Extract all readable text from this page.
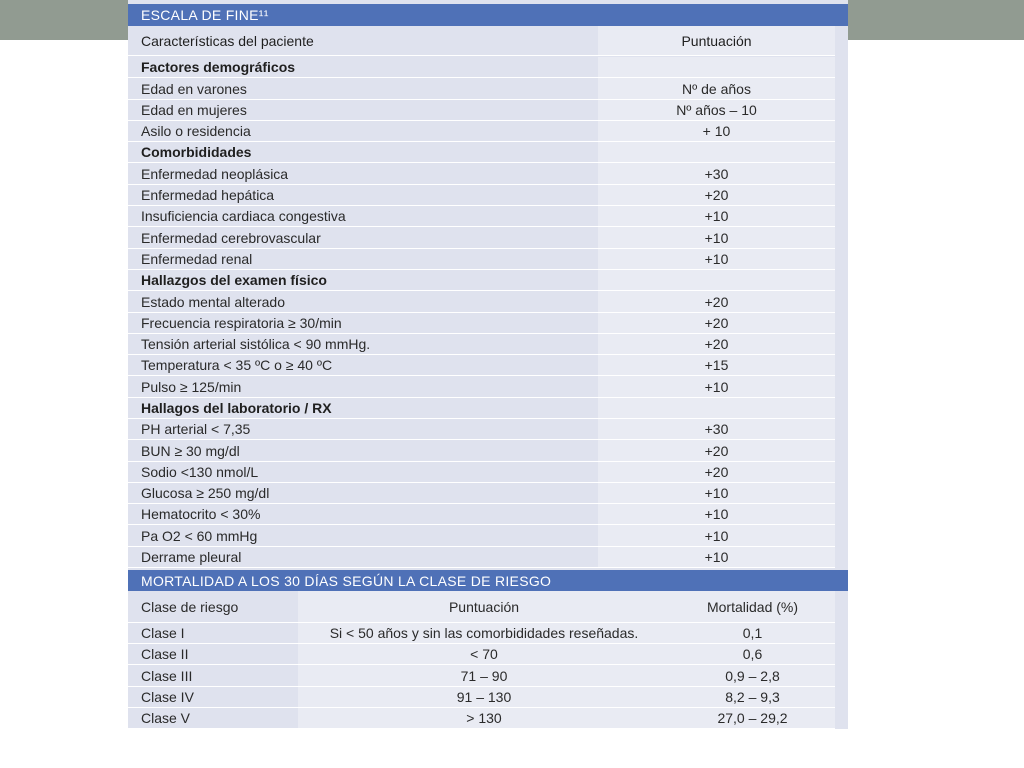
ESCALA DE FINE¹¹
Características del paciente	Puntuación
Factores demográficos
Edad en varones	Nº de años
Edad en mujeres	Nº años – 10
Asilo o residencia	+ 10
Comorbididades
Enfermedad neoplásica	+30
Enfermedad hepática	+20
Insuficiencia cardiaca congestiva	+10
Enfermedad cerebrovascular	+10
Enfermedad renal	+10
Hallazgos del examen físico
Estado mental alterado	+20
Frecuencia respiratoria ≥ 30/min	+20
Tensión arterial sistólica < 90 mmHg.	+20
Temperatura < 35 ºC o ≥ 40 ºC	+15
Pulso ≥ 125/min	+10
Hallagos del laboratorio / RX
PH arterial < 7,35	+30
BUN ≥ 30 mg/dl	+20
Sodio <130 nmol/L	+20
Glucosa ≥ 250 mg/dl	+10
Hematocrito < 30%	+10
Pa O2 < 60 mmHg	+10
Derrame pleural	+10
MORTALIDAD A LOS 30 DÍAS SEGÚN LA CLASE DE RIESGO
Clase de riesgo	Puntuación	Mortalidad (%)
Clase I	Si < 50 años y sin las comorbididades reseñadas.	0,1
Clase II	< 70	0,6
Clase III	71 – 90	0,9 – 2,8
Clase IV	91 – 130	8,2 – 9,3
Clase V	> 130	27,0 – 29,2
